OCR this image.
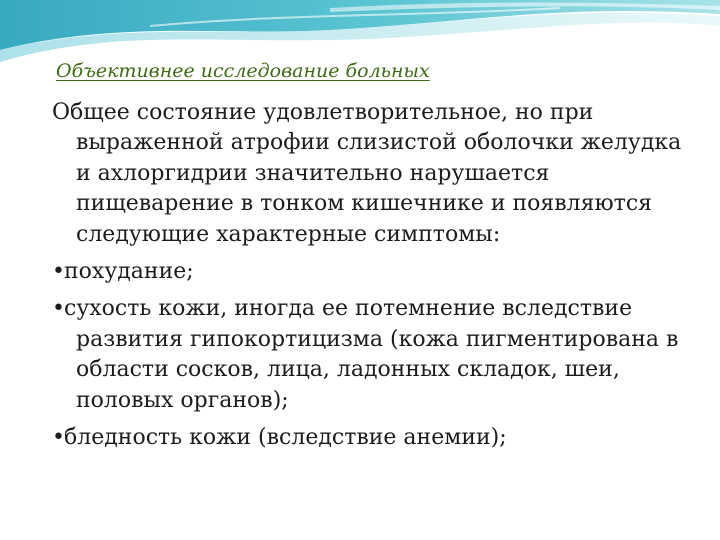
Объективнее исследование больных

Общее состояние удовлетворительное, но при выраженной атрофии слизистой оболочки желудка и ахлоргидрии значительно нарушается пищеварение в тонком кишечнике и появляются следующие характерные симптомы:

•похудание;

•сухость кожи, иногда ее потемнение вследствие развития гипокортицизма (кожа пигментирована в области сосков, лица, ладонных складок, шеи, половых органов);

•бледность кожи (вследствие анемии);
